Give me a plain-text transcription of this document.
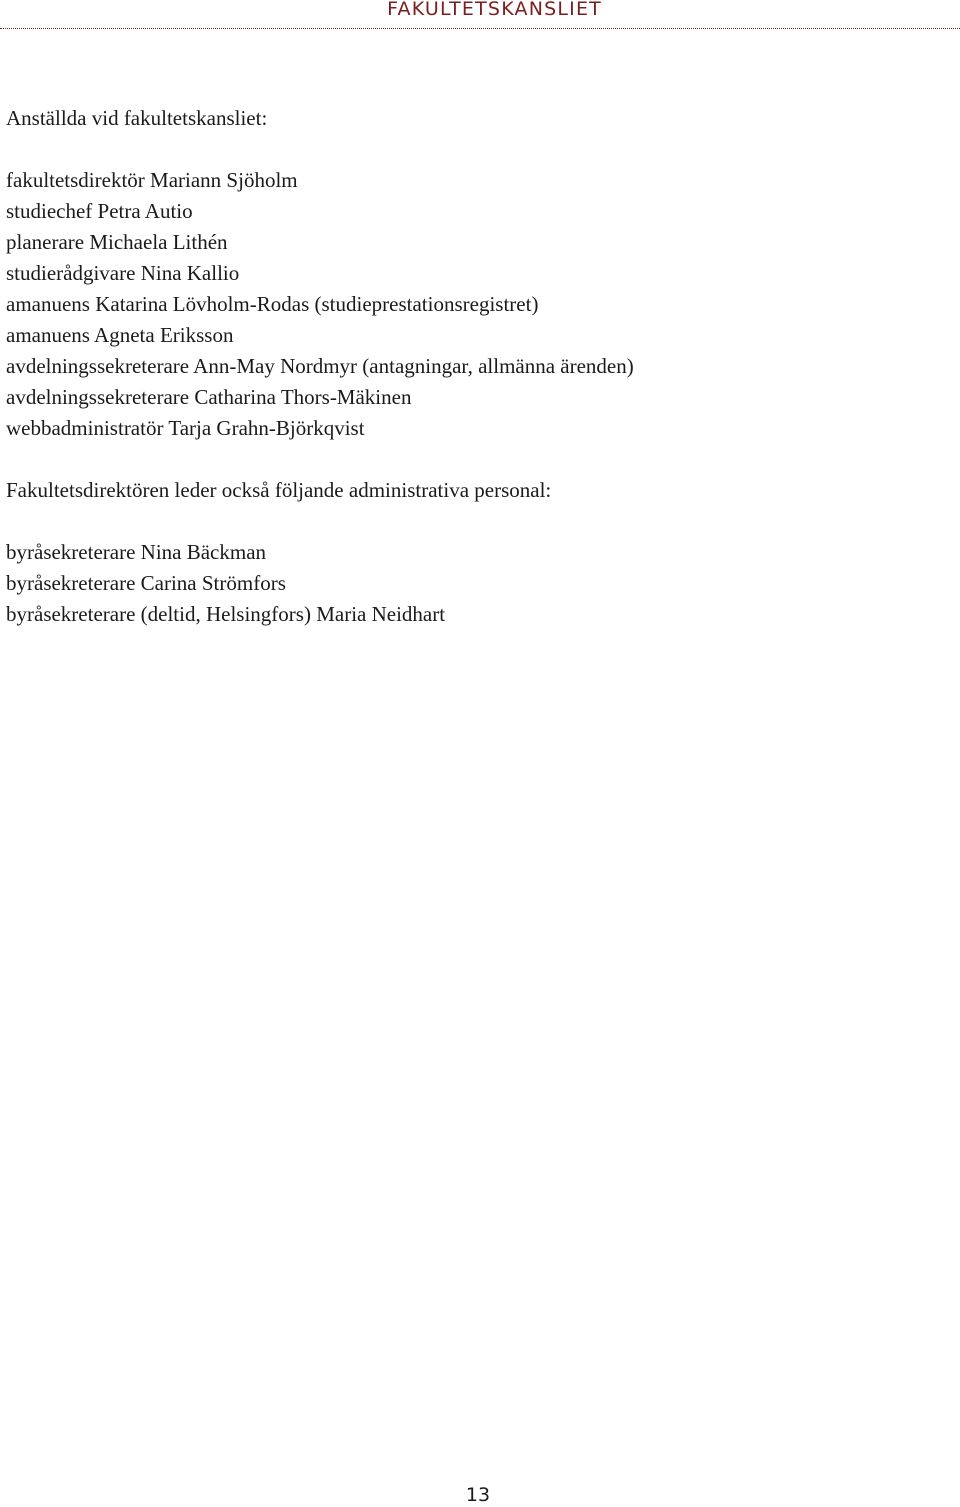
FAKULTETSKANSLIET

Anställda vid fakultetskansliet:

fakultetsdirektör Mariann Sjöholm
studiechef Petra Autio
planerare Michaela Lithén
studierådgivare Nina Kallio
amanuens Katarina Lövholm-Rodas (studieprestationsregistret)
amanuens Agneta Eriksson
avdelningssekreterare Ann-May Nordmyr (antagningar, allmänna ärenden)
avdelningssekreterare Catharina Thors-Mäkinen
webbadministratör Tarja Grahn-Björkqvist

Fakultetsdirektören leder också följande administrativa personal:

byråsekreterare Nina Bäckman
byråsekreterare Carina Strömfors
byråsekreterare (deltid, Helsingfors) Maria Neidhart
13
